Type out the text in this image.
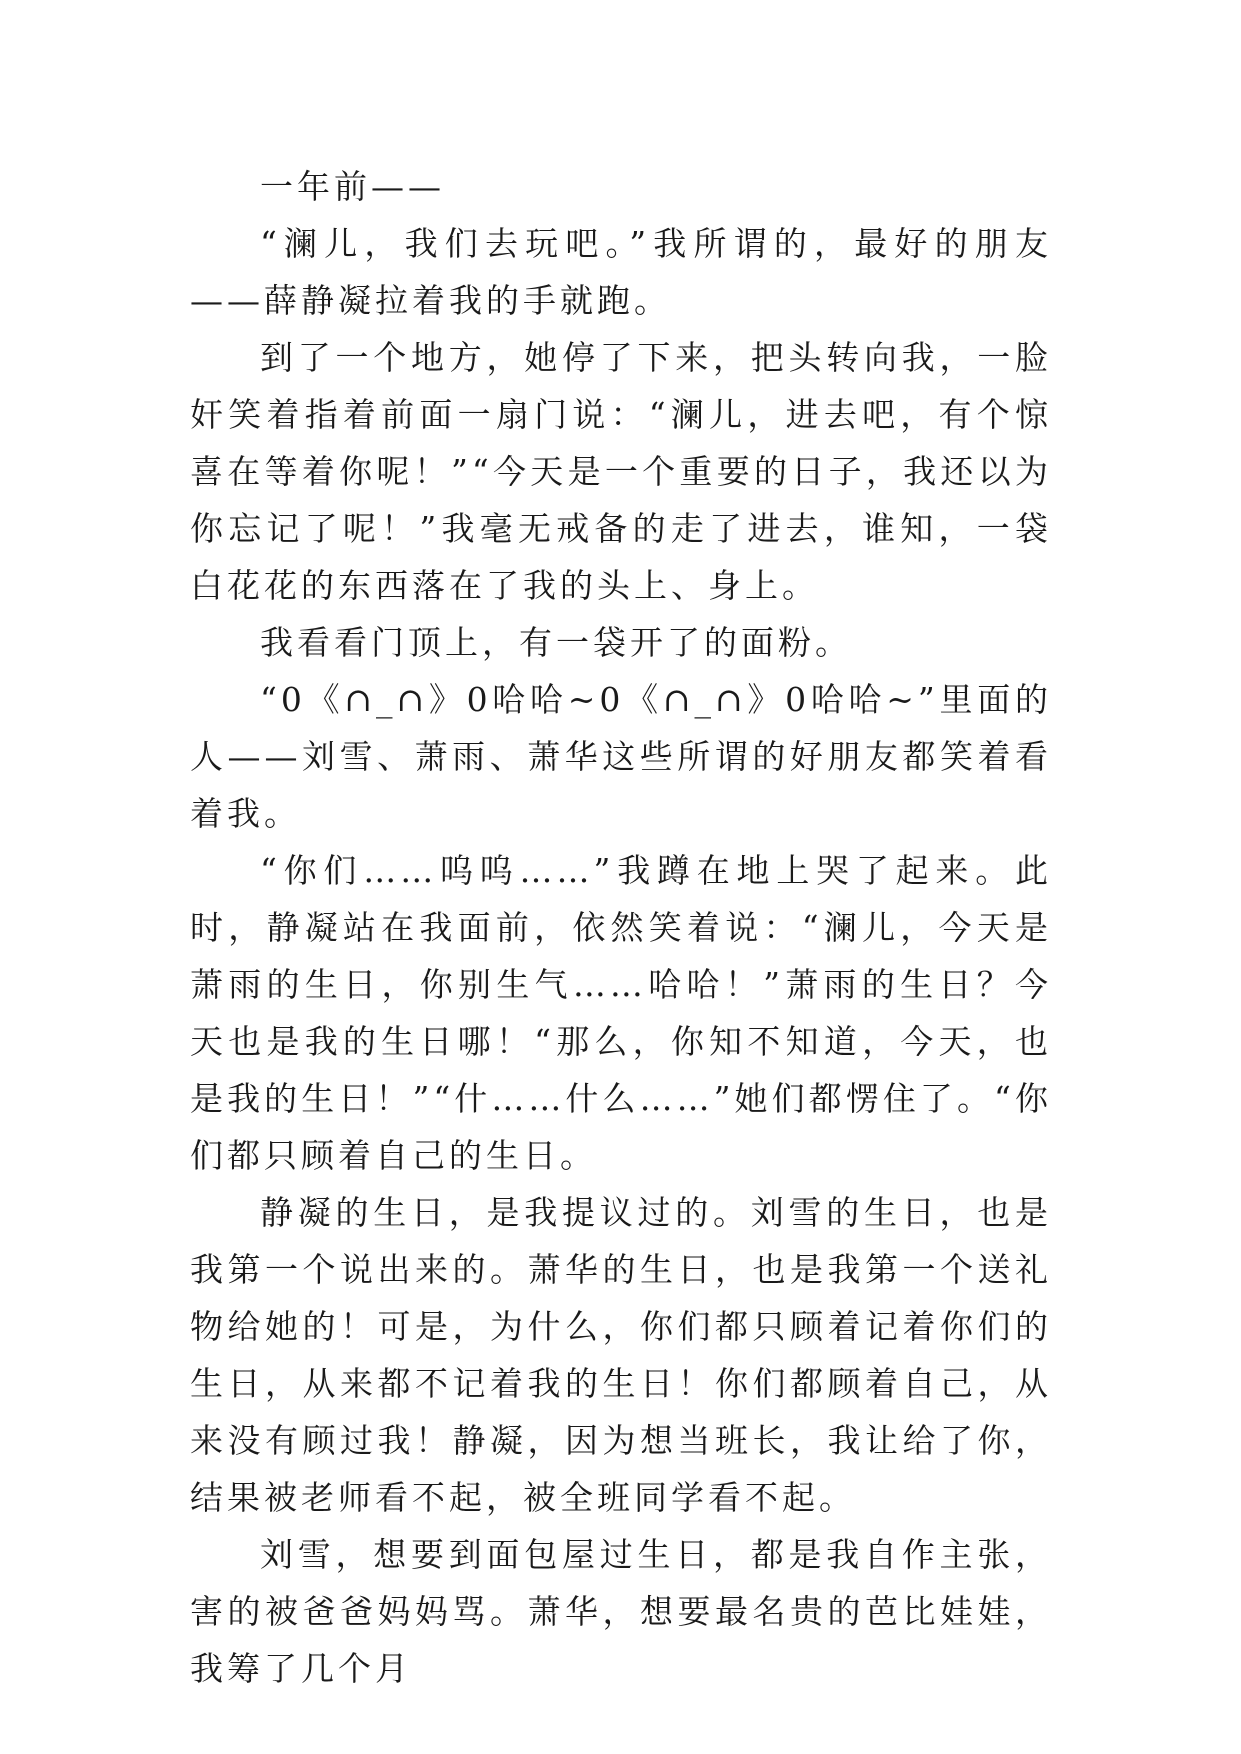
一年前——

“澜儿，我们去玩吧。”我所谓的，最好的朋友——薛静凝拉着我的手就跑。

到了一个地方，她停了下来，把头转向我，一脸奸笑着指着前面一扇门说：“澜儿，进去吧，有个惊喜在等着你呢！”“今天是一个重要的日子，我还以为你忘记了呢！”我毫无戒备的走了进去，谁知，一袋白花花的东西落在了我的头上、身上。

我看看门顶上，有一袋开了的面粉。

“0《∩_∩》0哈哈~0《∩_∩》0哈哈~”里面的人——刘雪、萧雨、萧华这些所谓的好朋友都笑着看着我。

“你们……呜呜……”我蹲在地上哭了起来。此时，静凝站在我面前，依然笑着说：“澜儿，今天是萧雨的生日，你别生气……哈哈！”萧雨的生日？今天也是我的生日哪！“那么，你知不知道，今天，也是我的生日！”“什……什么……”她们都愣住了。“你们都只顾着自己的生日。

静凝的生日，是我提议过的。刘雪的生日，也是我第一个说出来的。萧华的生日，也是我第一个送礼物给她的！可是，为什么，你们都只顾着记着你们的生日，从来都不记着我的生日！你们都顾着自己，从来没有顾过我！静凝，因为想当班长，我让给了你，结果被老师看不起，被全班同学看不起。

刘雪，想要到面包屋过生日，都是我自作主张，害的被爸爸妈妈骂。萧华，想要最名贵的芭比娃娃，我筹了几个月
